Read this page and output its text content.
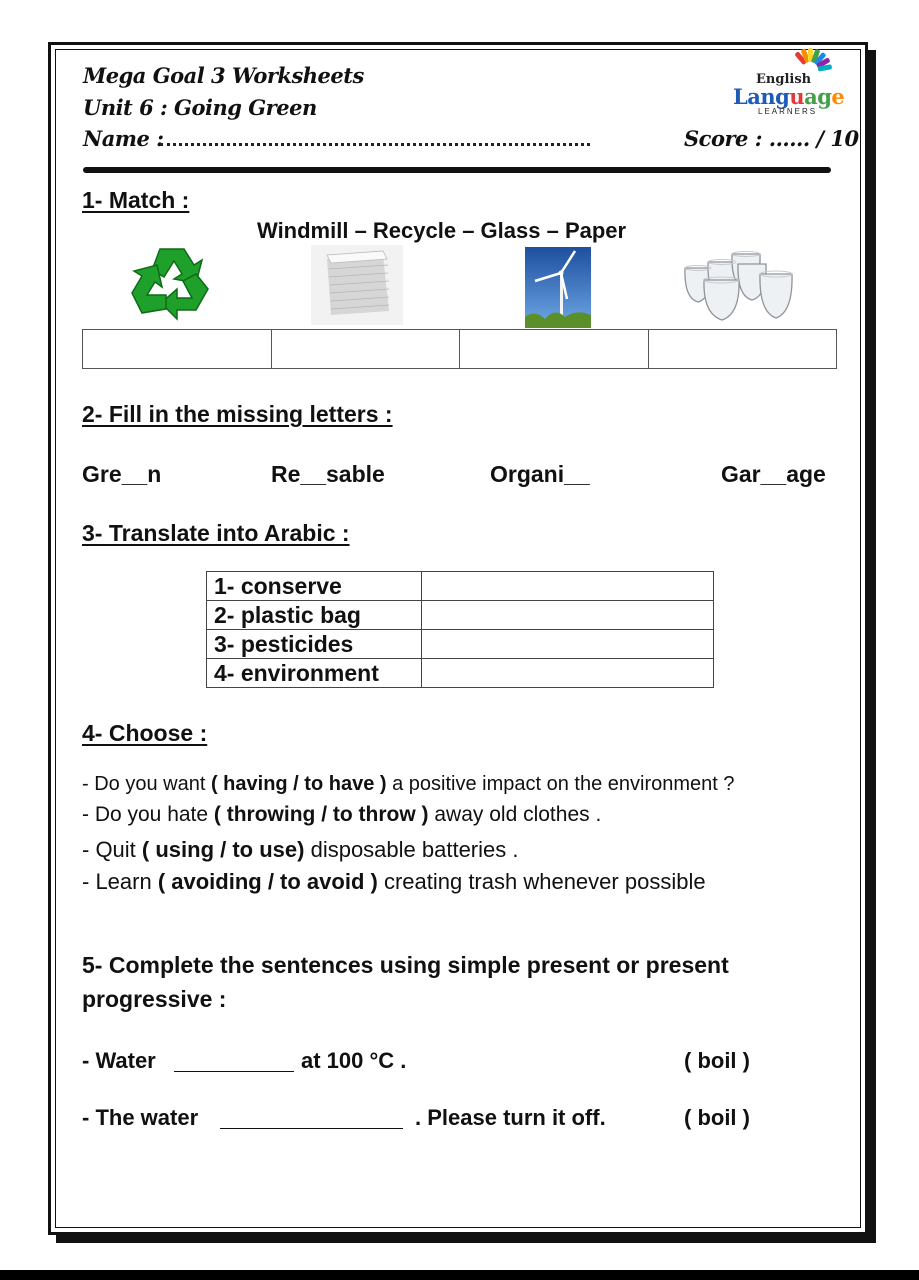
Mega Goal 3 Worksheets
Unit 6 : Going Green
Name :	Score : ...... / 10
English
Language
LEARNERS
1- Match :
Windmill – Recycle – Glass – Paper

2- Fill in the missing letters :
Gre__n	Re__sable	Organi__	Gar__age
3- Translate into Arabic :
1- conserve	
2- plastic bag	
3- pesticides	
4- environment	
4- Choose :
- Do you want ( having / to have ) a positive impact on the environment ?
- Do you hate ( throwing / to throw ) away old clothes .
- Quit ( using / to use) disposable batteries .
- Learn ( avoiding / to avoid ) creating trash whenever possible
5- Complete the sentences using simple present or present progressive :
- Water	at 100 °C .	( boil )
- The water	. Please turn it off.	( boil )
